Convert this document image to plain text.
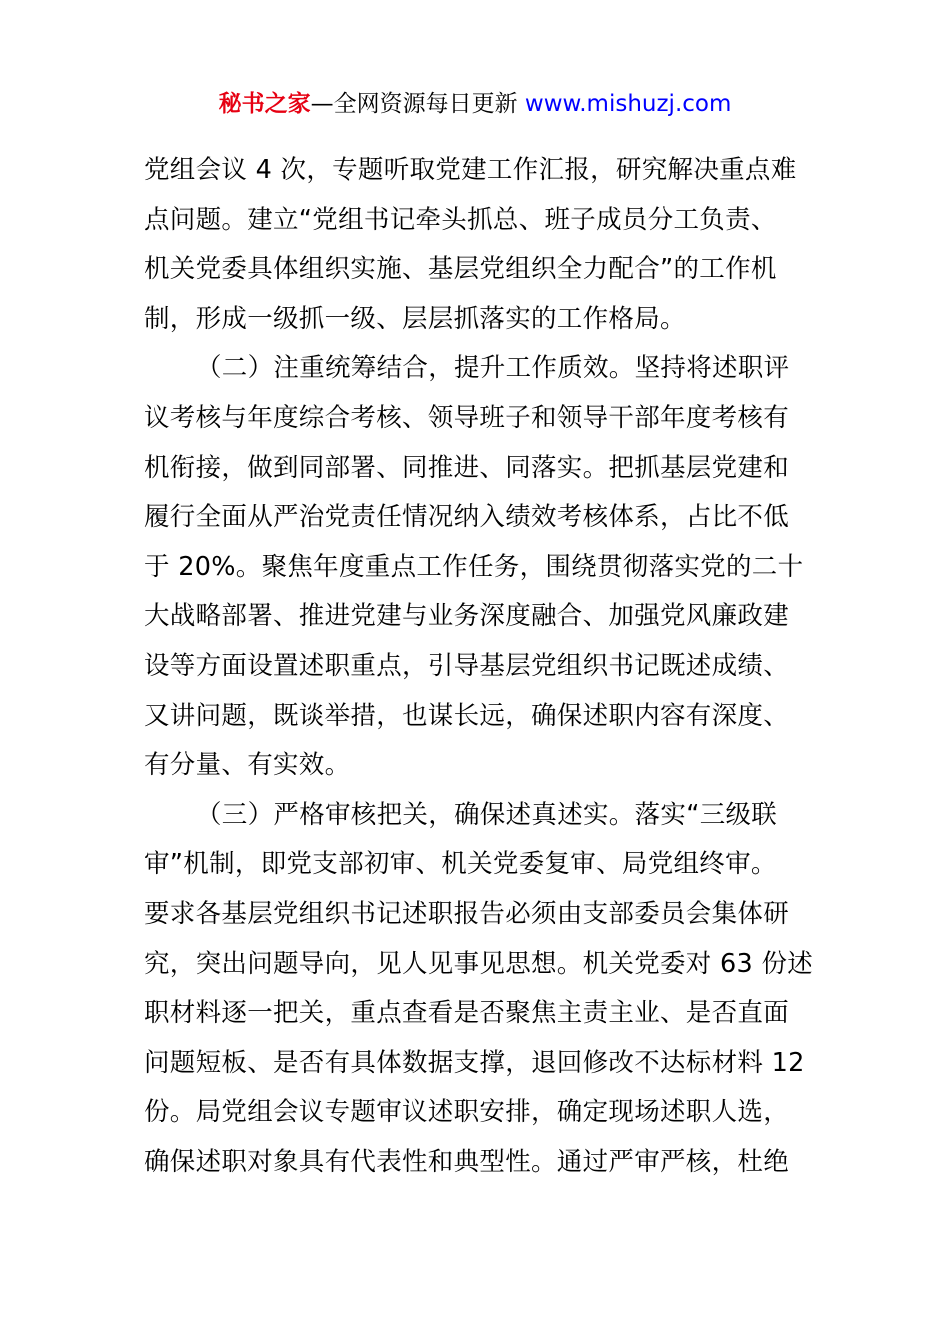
秘书之家—全网资源每日更新 www.mishuzj.com
党组会议 4 次，专题听取党建工作汇报，研究解决重点难
点问题。建立“党组书记牵头抓总、班子成员分工负责、
机关党委具体组织实施、基层党组织全力配合”的工作机
制，形成一级抓一级、层层抓落实的工作格局。
（二）注重统筹结合，提升工作质效。坚持将述职评
议考核与年度综合考核、领导班子和领导干部年度考核有
机衔接，做到同部署、同推进、同落实。把抓基层党建和
履行全面从严治党责任情况纳入绩效考核体系，占比不低
于 20%。聚焦年度重点工作任务，围绕贯彻落实党的二十
大战略部署、推进党建与业务深度融合、加强党风廉政建
设等方面设置述职重点，引导基层党组织书记既述成绩、
又讲问题，既谈举措，也谋长远，确保述职内容有深度、
有分量、有实效。
（三）严格审核把关，确保述真述实。落实“三级联
审”机制，即党支部初审、机关党委复审、局党组终审。
要求各基层党组织书记述职报告必须由支部委员会集体研
究，突出问题导向，见人见事见思想。机关党委对 63 份述
职材料逐一把关，重点查看是否聚焦主责主业、是否直面
问题短板、是否有具体数据支撑，退回修改不达标材料 12
份。局党组会议专题审议述职安排，确定现场述职人选，
确保述职对象具有代表性和典型性。通过严审严核，杜绝
